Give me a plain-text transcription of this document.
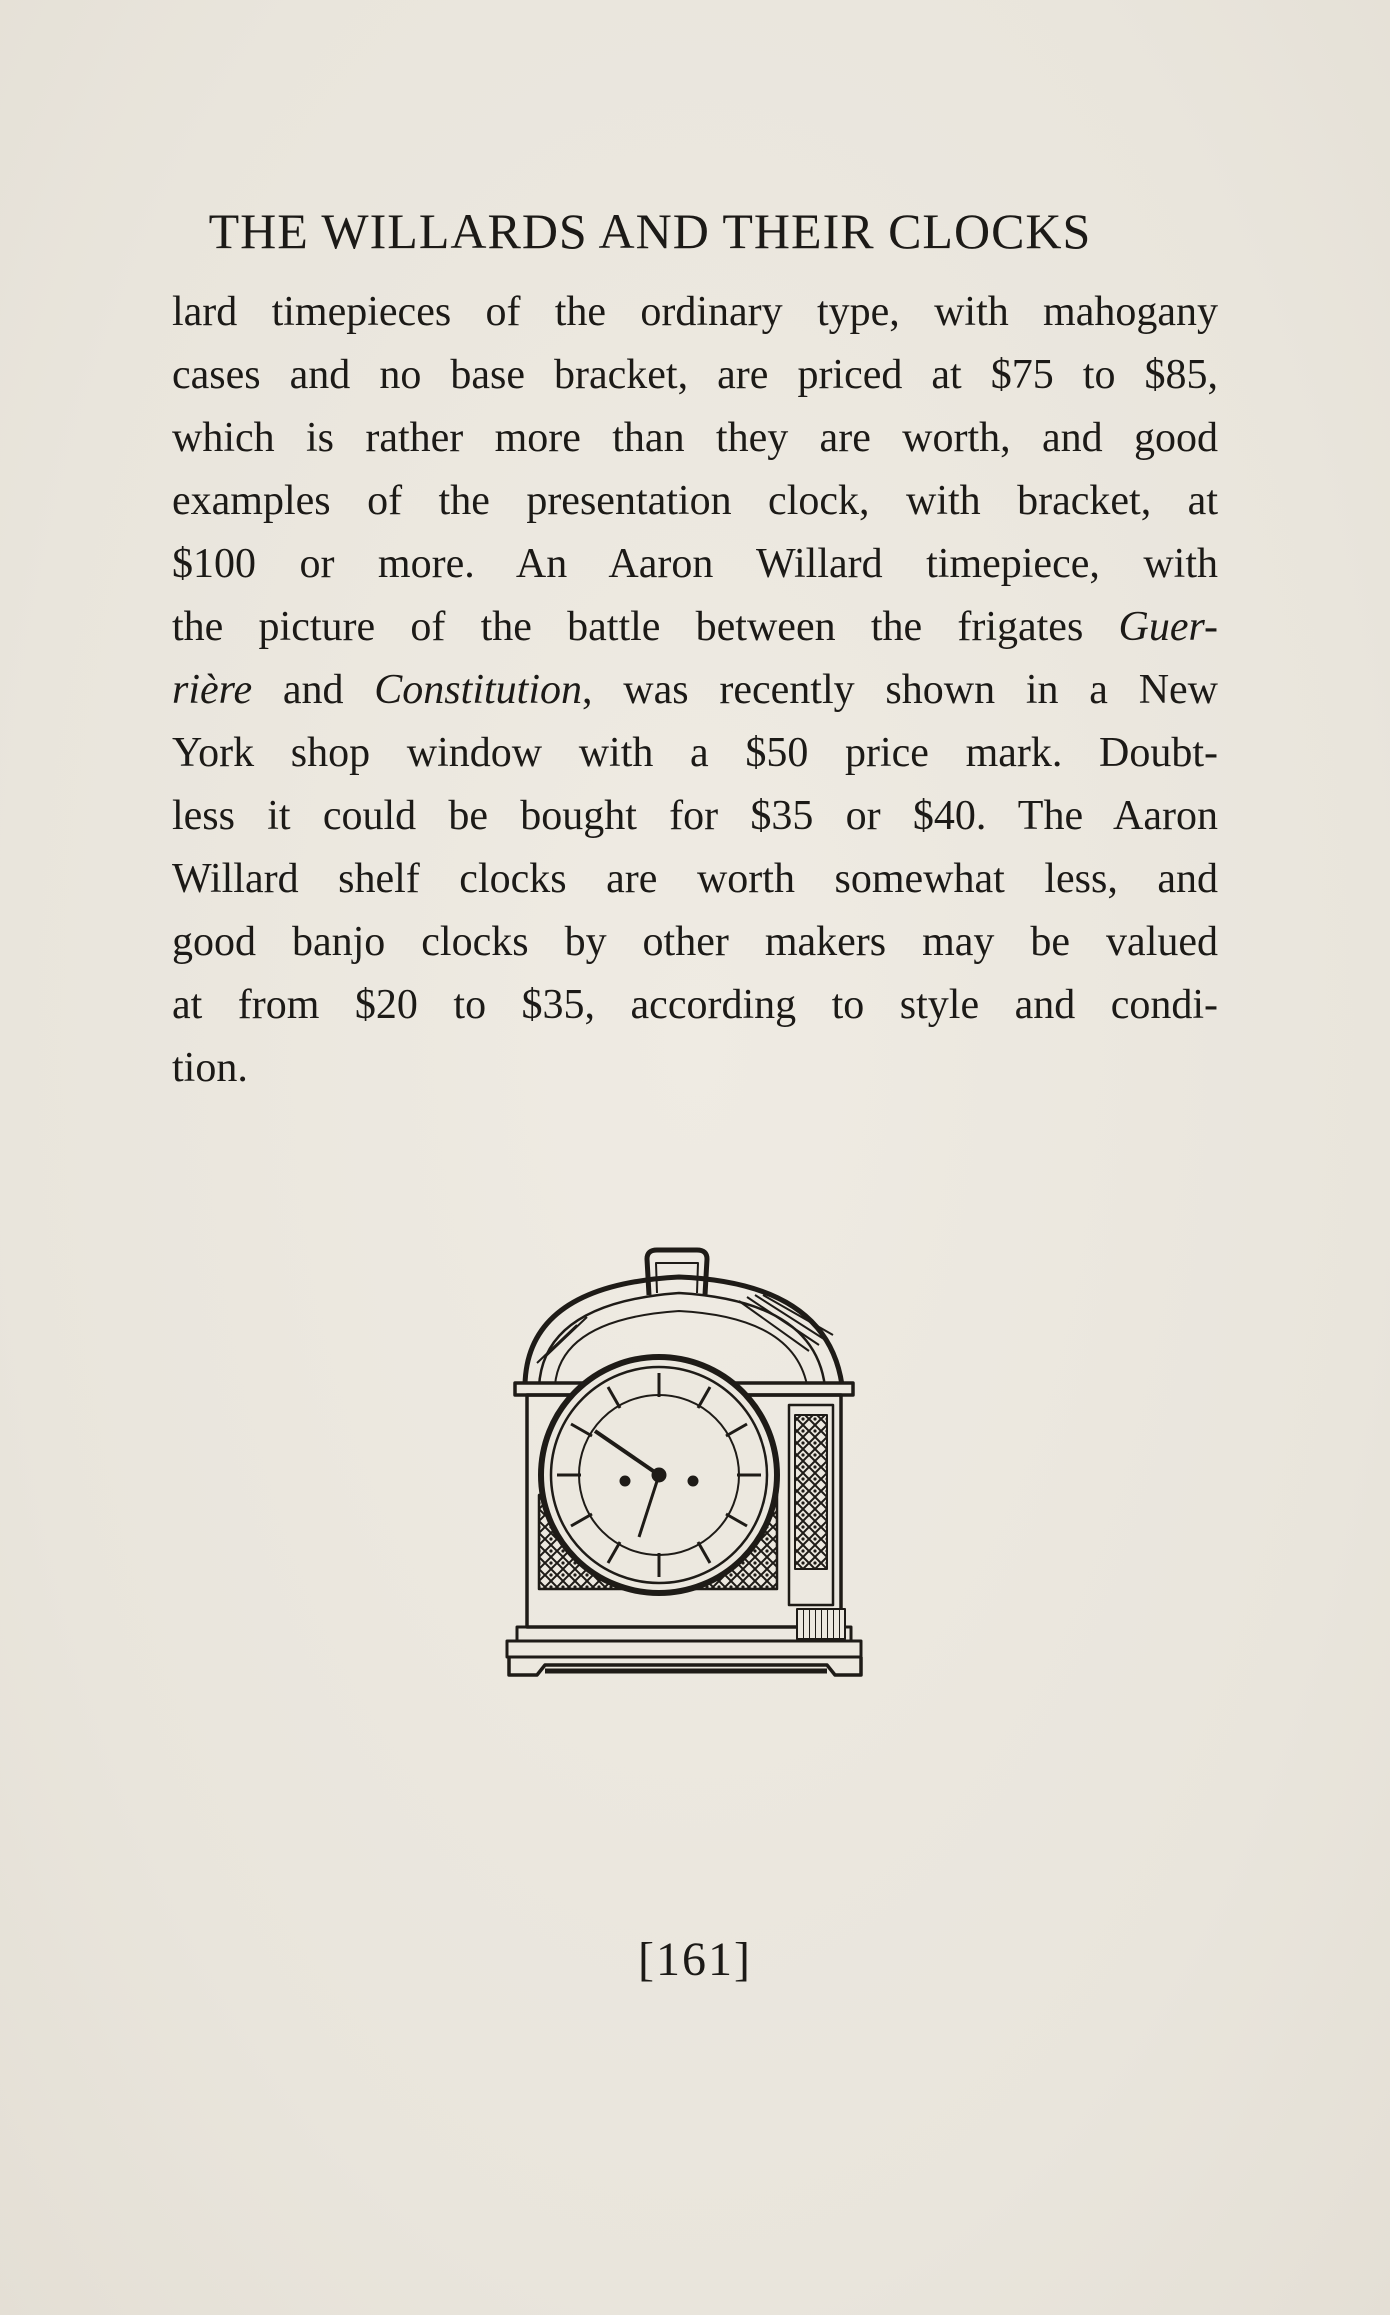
THE WILLARDS AND THEIR CLOCKS
lard timepieces of the ordinary type, with mahogany
cases and no base bracket, are priced at $75 to $85,
which is rather more than they are worth, and good
examples of the presentation clock, with bracket, at
$100 or more. An Aaron Willard timepiece, with
the picture of the battle between the frigates Guer-
rière and Constitution, was recently shown in a New
York shop window with a $50 price mark. Doubt-
less it could be bought for $35 or $40. The Aaron
Willard shelf clocks are worth somewhat less, and
good banjo clocks by other makers may be valued
at from $20 to $35, according to style and condi-
tion.
[161]
